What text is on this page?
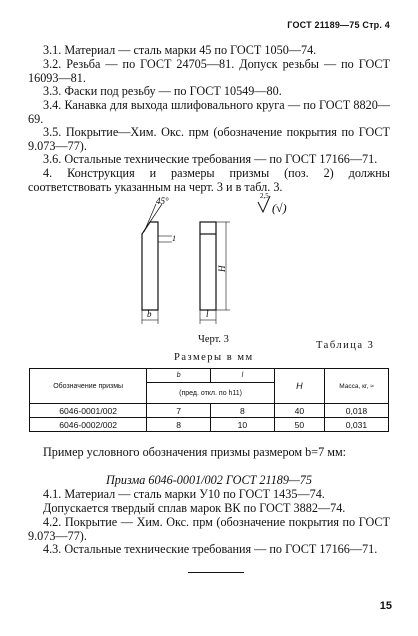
ГОСТ 21189—75 Стр. 4
3.1. Материал — сталь марки 45 по ГОСТ 1050—74.
3.2. Резьба — по ГОСТ 24705—81. Допуск резьбы — по ГОСТ 16093—81.
3.3. Фаски под резьбу — по ГОСТ 10549—80.
3.4. Канавка для выхода шлифовального круга — по ГОСТ 8820—69.
3.5. Покрытие—Хим. Окс. прм (обозначение покрытия по ГОСТ 9.073—77).
3.6. Остальные технические требования — по ГОСТ 17166—71.
4. Конструкция и размеры призмы (поз. 2) должны соответствовать указанным на черт. 3 и в табл. 3.
45°
1
b
H
l
2,5
(√)
Черт. 3
Таблица 3
Размеры в мм
Обозначение призмы	b	l	H	Масса, кг, ≈
	(пред. откл. по h11)			
6046-0001/002	7	8	40	0,018
6046-0002/002	8	10	50	0,031
Пример условного обозначения призмы размером b=7 мм:
Призма 6046-0001/002 ГОСТ 21189—75
4.1. Материал — сталь марки У10 по ГОСТ 1435—74.
Допускается твердый сплав марок ВК по ГОСТ 3882—74.
4.2. Покрытие — Хим. Окс. прм (обозначение покрытия по ГОСТ 9.073—77).
4.3. Остальные технические требования — по ГОСТ 17166—71.
15
